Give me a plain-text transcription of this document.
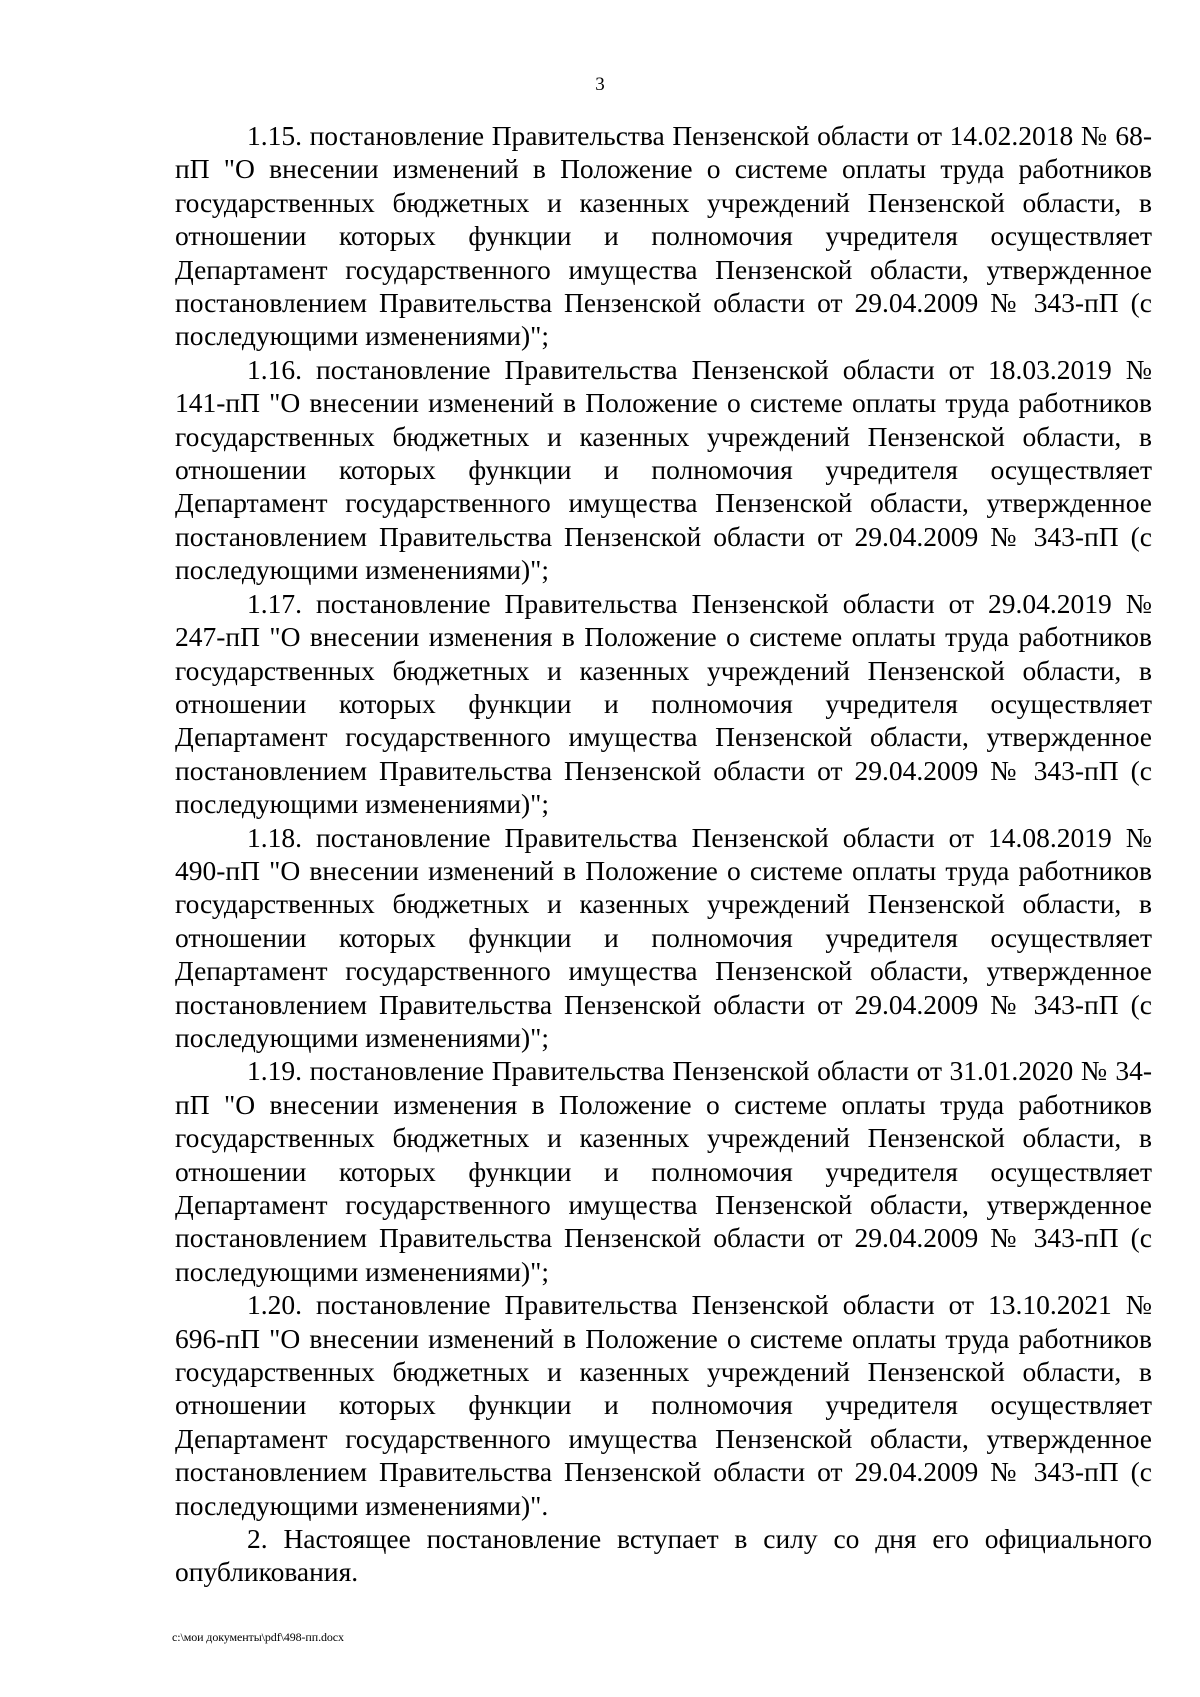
3

1.15. постановление Правительства Пензенской области от 14.02.2018 № 68-пП "О внесении изменений в Положение о системе оплаты труда работников государственных бюджетных и казенных учреждений Пензенской области, в отношении которых функции и полномочия учредителя осуществляет Департамент государственного имущества Пензенской области, утвержденное постановлением Правительства Пензенской области от 29.04.2009 № 343-пП (с последующими изменениями)";

1.16. постановление Правительства Пензенской области от 18.03.2019 № 141-пП "О внесении изменений в Положение о системе оплаты труда работников государственных бюджетных и казенных учреждений Пензенской области, в отношении которых функции и полномочия учредителя осуществляет Департамент государственного имущества Пензенской области, утвержденное постановлением Правительства Пензенской области от 29.04.2009 № 343-пП (с последующими изменениями)";

1.17. постановление Правительства Пензенской области от 29.04.2019 № 247-пП "О внесении изменения в Положение о системе оплаты труда работников государственных бюджетных и казенных учреждений Пензенской области, в отношении которых функции и полномочия учредителя осуществляет Департамент государственного имущества Пензенской области, утвержденное постановлением Правительства Пензенской области от 29.04.2009 № 343-пП (с последующими изменениями)";

1.18. постановление Правительства Пензенской области от 14.08.2019 № 490-пП "О внесении изменений в Положение о системе оплаты труда работников государственных бюджетных и казенных учреждений Пензенской области, в отношении которых функции и полномочия учредителя осуществляет Департамент государственного имущества Пензенской области, утвержденное постановлением Правительства Пензенской области от 29.04.2009 № 343-пП (с последующими изменениями)";

1.19. постановление Правительства Пензенской области от 31.01.2020 № 34-пП "О внесении изменения в Положение о системе оплаты труда работников государственных бюджетных и казенных учреждений Пензенской области, в отношении которых функции и полномочия учредителя осуществляет Департамент государственного имущества Пензенской области, утвержденное постановлением Правительства Пензенской области от 29.04.2009 № 343-пП (с последующими изменениями)";

1.20. постановление Правительства Пензенской области от 13.10.2021 № 696-пП "О внесении изменений в Положение о системе оплаты труда работников государственных бюджетных и казенных учреждений Пензенской области, в отношении которых функции и полномочия учредителя осуществляет Департамент государственного имущества Пензенской области, утвержденное постановлением Правительства Пензенской области от 29.04.2009 № 343-пП (с последующими изменениями)".

2. Настоящее постановление вступает в силу со дня его официального опубликования.

c:\мои документы\pdf\498-пп.docx
